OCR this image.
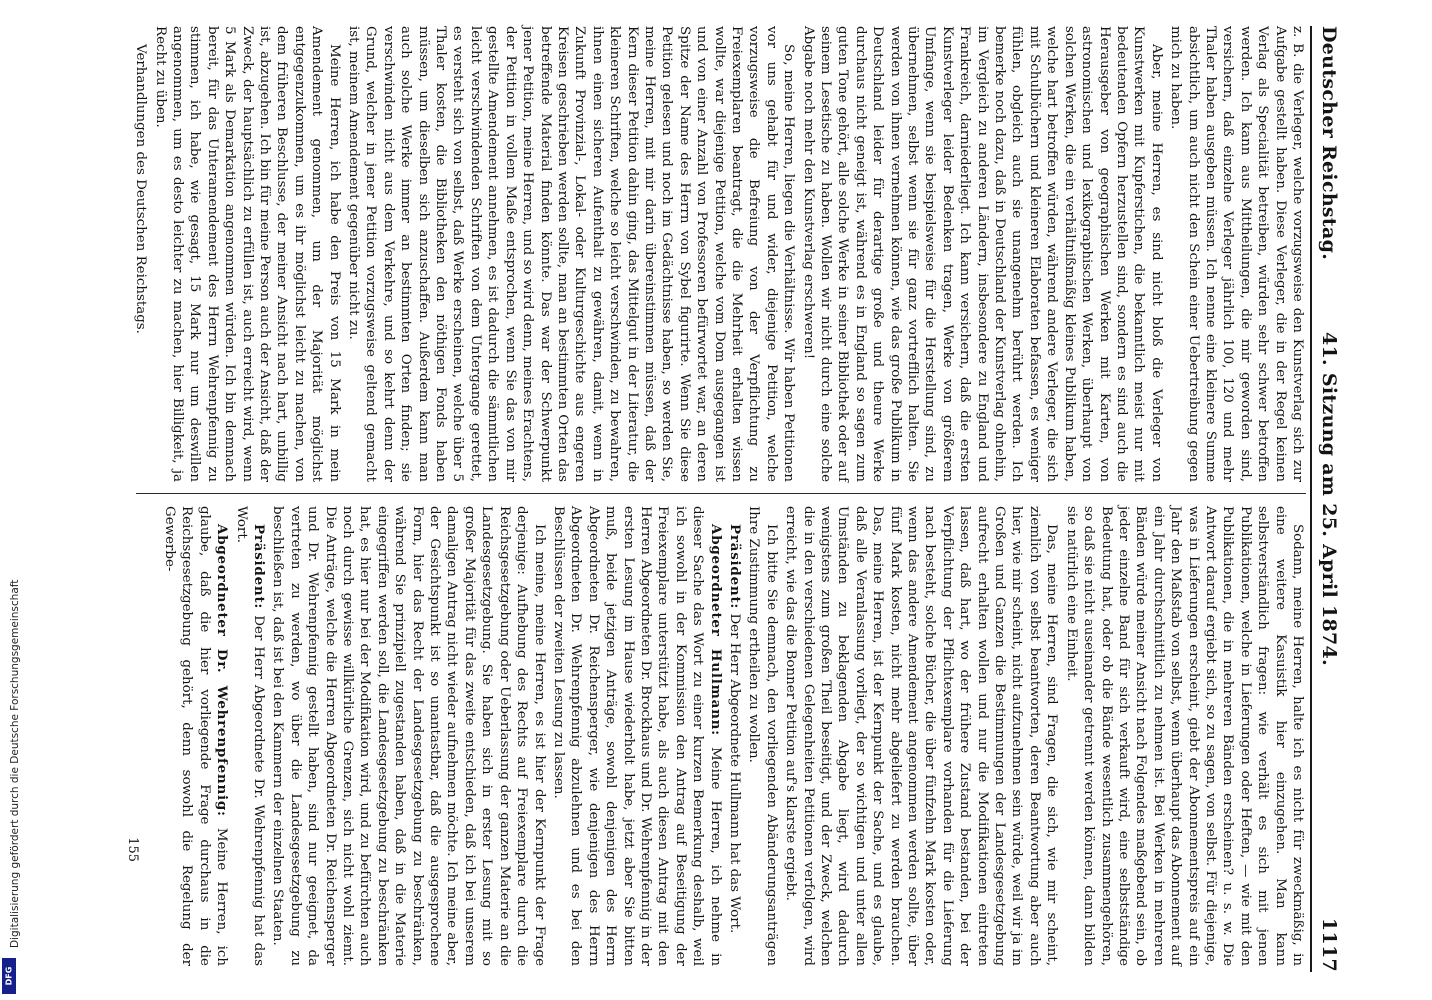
Deutscher Reichstag.
41. Sitzung am 25. April 1874.
1117

z. B. die Verleger, welche vorzugsweise den Kunstverlag sich zur Aufgabe gestellt haben. Diese Verleger, die in der Regel keinen Verlag als Specialität betreiben, würden sehr schwer betroffen werden. Ich kann aus Mittheilungen, die mir geworden sind, versichern, daß einzelne Verleger jährlich 100, 120 und mehr Thaler haben ausgeben müssen. Ich nenne eine kleinere Summe absichtlich, um auch nicht den Schein einer Uebertreibung gegen mich zu haben.

Aber, meine Herren, es sind nicht bloß die Verleger von Kunstwerken mit Kupferstichen, die bekanntlich meist nur mit bedeutenden Opfern herzustellen sind, sondern es sind auch die Herausgeber von geographischen Werken mit Karten, von astronomischen und lexikographischen Werken, überhaupt von solchen Werken, die ein verhältnißmäßig kleines Publikum haben, welche hart betroffen würden, während andere Verleger, die sich mit Schulbüchern und kleineren Elaboraten befassen, es weniger fühlen, obgleich auch sie unangenehm berührt werden. Ich bemerke noch dazu, daß in Deutschland der Kunstverlag ohnehin, im Vergleich zu anderen Ländern, insbesondere zu England und Frankreich, darniederliegt. Ich kann versichern, daß die ersten Kunstverleger leider Bedenken tragen, Werke von größerem Umfange, wenn sie beispielsweise für die Herstellung sind, zu übernehmen, selbst wenn sie für ganz vortrefflich halten. Sie werden von ihnen vernehmen können, wie das große Publikum in Deutschland leider für derartige große und theure Werke durchaus nicht geneigt ist, während es in England so sagen zum guten Tone gehört, alle solche Werke in seiner Bibliothek oder auf seinem Lesetische zu haben. Wollen wir nicht durch eine solche Abgabe noch mehr den Kunstverlag erschweren!

So, meine Herren, liegen die Verhältnisse. Wir haben Petitionen vor uns gehabt für und wider, diejenige Petition, welche vorzugsweise die Befreiung von der Verpflichtung zu Freiexemplaren beantragt, die die Mehrheit erhalten wissen wollte, war diejenige Petition, welche vom Dom ausgegangen ist und von einer Anzahl von Professoren befürwortet war, an deren Spitze der Name des Herrn von Sybel figurirte. Wenn Sie diese Petition gelesen und noch im Gedächtnisse haben, so werden Sie, meine Herren, mit mir darin übereinstimmen müssen, daß der Kern dieser Petition dahin ging, das Mittelgut in der Literatur, die kleineren Schriften, welche so leicht verschwinden, zu bewahren, ihnen einen sicheren Aufenthalt zu gewähren, damit, wenn in Zukunft Provinzial-, Lokal- oder Kulturgeschichte aus engeren Kreisen geschrieben werden sollte, man an bestimmten Orten das betreffende Material finden könnte. Das war der Schwerpunkt jener Petition, meine Herren, und so wird denn, meines Erachtens, der Petition in vollem Maße entsprochen, wenn Sie das von mir gestellte Amendement annehmen, es ist dadurch die sämmtlichen leicht verschwindenden Schriften von dem Untergange gerettet, es versteht sich von selbst, daß Werke erscheinen, welche über 5 Thaler kosten, die Bibliotheken den nöthigen Fonds haben müssen, um dieselben sich anzuschaffen. Außerdem kann man auch solche Werke immer an bestimmten Orten finden; sie verschwinden nicht aus dem Verkehre, und so kehrt denn der Grund, welcher in jener Petition vorzugsweise geltend gemacht ist, meinem Amendement gegenüber nicht zu.

Meine Herren, ich habe den Preis von 15 Mark in mein Amendement genommen, um der Majorität möglichst entgegenzukommen, um es ihr möglichst leicht zu machen, von dem früheren Beschlusse, der meiner Ansicht nach hart, unbillig ist, abzugehen. Ich bin für meine Person auch der Ansicht, daß der Zweck, der hauptsächlich zu erfüllen ist, auch erreicht wird, wenn 5 Mark als Demarkation angenommen würden. Ich bin demnach bereit, für das Unteramendement des Herrn Wehrenpfennig zu stimmen, ich habe, wie gesagt, 15 Mark nur um deswillen angenommen, um es desto leichter zu machen, hier Billigkeit, ja Recht zu üben.

Verhandlungen des Deutschen Reichstags.

Sodann, meine Herren, halte ich es nicht für zweckmäßig, in eine weitere Kasuistik hier einzugehen. Man kann selbstverständlich fragen: wie verhält es sich mit jenen Publikationen, welche in Lieferungen oder Heften, — wie mit den Publikationen, die in mehreren Bänden erscheinen? u. s. w. Die Antwort darauf ergiebt sich, so zu sagen, von selbst. Für diejenige, was in Lieferungen erscheint, giebt der Abonnementspreis auf ein Jahr den Maßstab von selbst, wenn überhaupt das Abonnement auf ein Jahr durchschnittlich zu nehmen ist. Bei Werken in mehreren Bänden würde meiner Ansicht nach Folgendes maßgebend sein, ob jeder einzelne Band für sich verkauft wird, eine selbstständige Bedeutung hat, oder ob die Bände wesentlich zusammengehören, so daß sie nicht auseinander getrennt werden können, dann bilden sie natürlich eine Einheit.

Das, meine Herren, sind Fragen, die sich, wie mir scheint, ziemlich von selbst beantworten, deren Beantwortung aber auch hier, wie mir scheint, nicht aufzunehmen sein würde, weil wir ja im Großen und Ganzen die Bestimmungen der Landesgesetzgebung aufrecht erhalten wollen und nur die Modifikationen eintreten lassen, daß hart, wo der frühere Zustand bestanden, bei der Verpflichtung der Pflichtexemplare vorhanden für die Lieferung nach besteht, solche Bücher, die über fünfzehn Mark kosten oder, wenn das andere Amendement angenommen werden sollte, über fünf Mark kosten, nicht mehr abgeliefert zu werden brauchen. Das, meine Herren, ist der Kernpunkt der Sache, und es glaube, daß alle Veranlassung vorliegt, der so wichtigen und unter allen Umständen zu beklagenden Abgabe liegt, wird dadurch wenigstens zum großen Theil beseitigt, und der Zweck, welchen die in den verschiedenen Gelegenheiten Petitionen verfolgen, wird erreicht, wie das die Bonner Petition auf's klarste ergiebt.

Ich bitte Sie demnach, den vorliegenden Abänderungsanträgen Ihre Zustimmung ertheilen zu wollen.

Präsident: Der Herr Abgeordnete Hullmann hat das Wort.

Abgeordneter Hullmann: Meine Herren, ich nehme in dieser Sache das Wort zu einer kurzen Bemerkung deshalb, weil ich sowohl in der Kommission den Antrag auf Beseitigung der Freiexemplare unterstützt habe, als auch diesen Antrag mit den Herren Abgeordneten Dr. Brockhaus und Dr. Wehrenpfennig in der ersten Lesung im Hause wiederholt habe, jetzt aber Sie bitten muß, beide jetzigen Anträge, sowohl denjenigen des Herrn Abgeordneten Dr. Reichensperger, wie denjenigen des Herrn Abgeordneten Dr. Wehrenpfennig abzulehnen und es bei den Beschlüssen der zweiten Lesung zu lassen.

Ich meine, meine Herren, es ist hier der Kernpunkt der Frage derjenige: Aufhebung des Rechts auf Freiexemplare durch die Reichsgesetzgebung oder Ueberlassung der ganzen Materie an die Landesgesetzgebung. Sie haben sich in erster Lesung mit so großer Majorität für das zweite entschieden, daß ich bei unserem damaligen Antrag nicht wieder aufnehmen möchte. Ich meine aber, der Gesichtspunkt ist so unantastbar, daß die ausgesprochene Form, hier das Recht der Landesgesetzgebung zu beschränken, während Sie prinzipiell zugestanden haben, daß in die Materie eingegriffen werden soll, die Landesgesetzgebung zu beschränken hat, es hier nur bei der Modifikation wird, und zu befürchten auch noch durch gewisse willkürliche Grenzen, sich nicht wohl ziemt. Die Anträge, welche die Herren Abgeordneten Dr. Reichensperger und Dr. Wehrenpfennig gestellt haben, sind nur geeignet, da vertreten zu werden, wo über die Landesgesetzgebung zu beschließen ist, daß ist bei den Kammern der einzelnen Staaten.

Präsident: Der Herr Abgeordnete Dr. Wehrenpfennig hat das Wort.

Abgeordneter Dr. Wehrenpfennig: Meine Herren, ich glaube, daß die hier vorliegende Frage durchaus in die Reichsgesetzgebung gehört, denn sowohl die Regelung der Gewerbe-

155
DFG
Digitalisierung gefördert durch die Deutsche Forschungsgemeinschaft
